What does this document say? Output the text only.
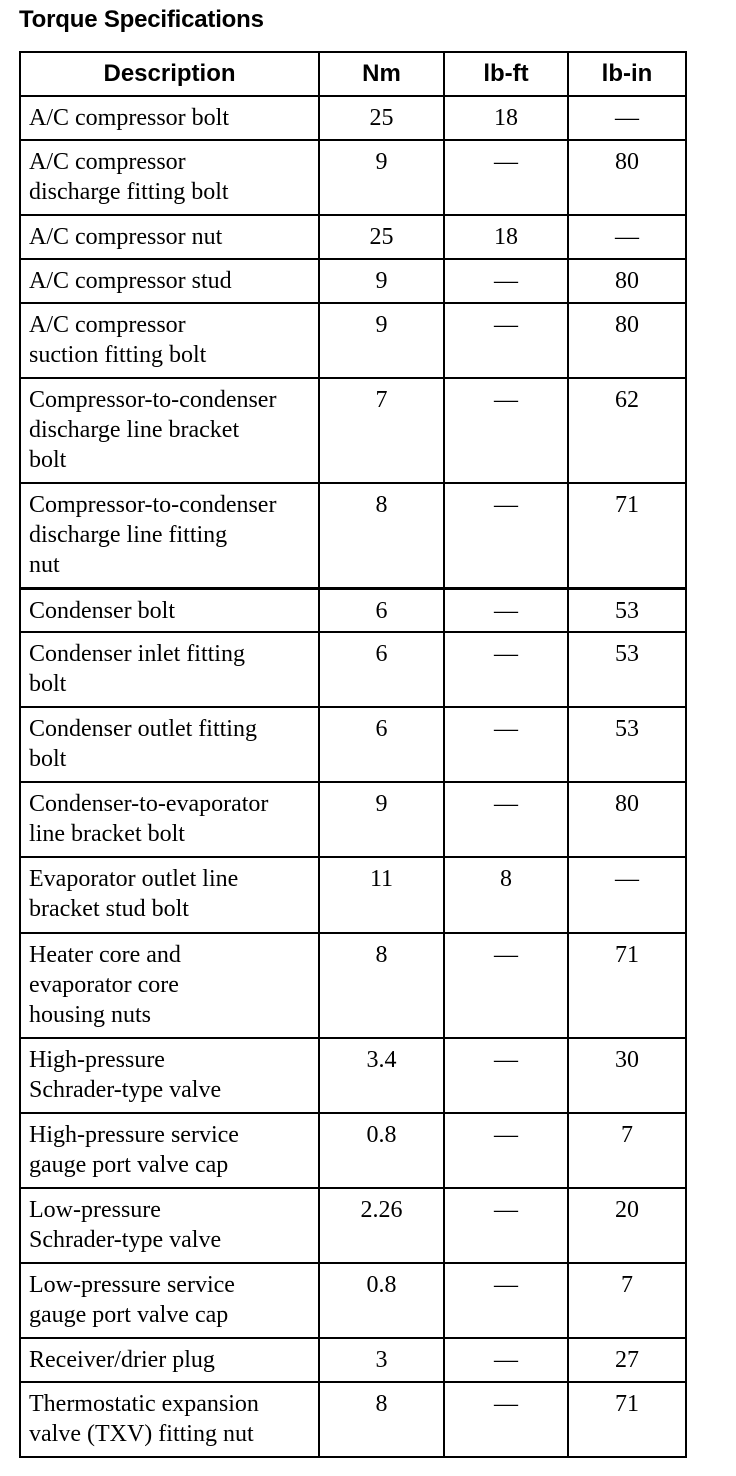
Torque Specifications
Description	Nm	lb-ft	lb-in

A/C compressor bolt	25	18	—

A/C compressor
discharge fitting bolt	9	—	80

A/C compressor nut	25	18	—

A/C compressor stud	9	—	80

A/C compressor
suction fitting bolt	9	—	80

Compressor-to-condenser
discharge line bracket
bolt	7	—	62

Compressor-to-condenser
discharge line fitting
nut	8	—	71

Condenser bolt	6	—	53

Condenser inlet fitting
bolt	6	—	53

Condenser outlet fitting
bolt	6	—	53

Condenser-to-evaporator
line bracket bolt	9	—	80

Evaporator outlet line
bracket stud bolt	11	8	—

Heater core and
evaporator core
housing nuts	8	—	71

High-pressure
Schrader-type valve	3.4	—	30

High-pressure service
gauge port valve cap	0.8	—	7

Low-pressure
Schrader-type valve	2.26	—	20

Low-pressure service
gauge port valve cap	0.8	—	7

Receiver/drier plug	3	—	27

Thermostatic expansion
valve (TXV) fitting nut	8	—	71
